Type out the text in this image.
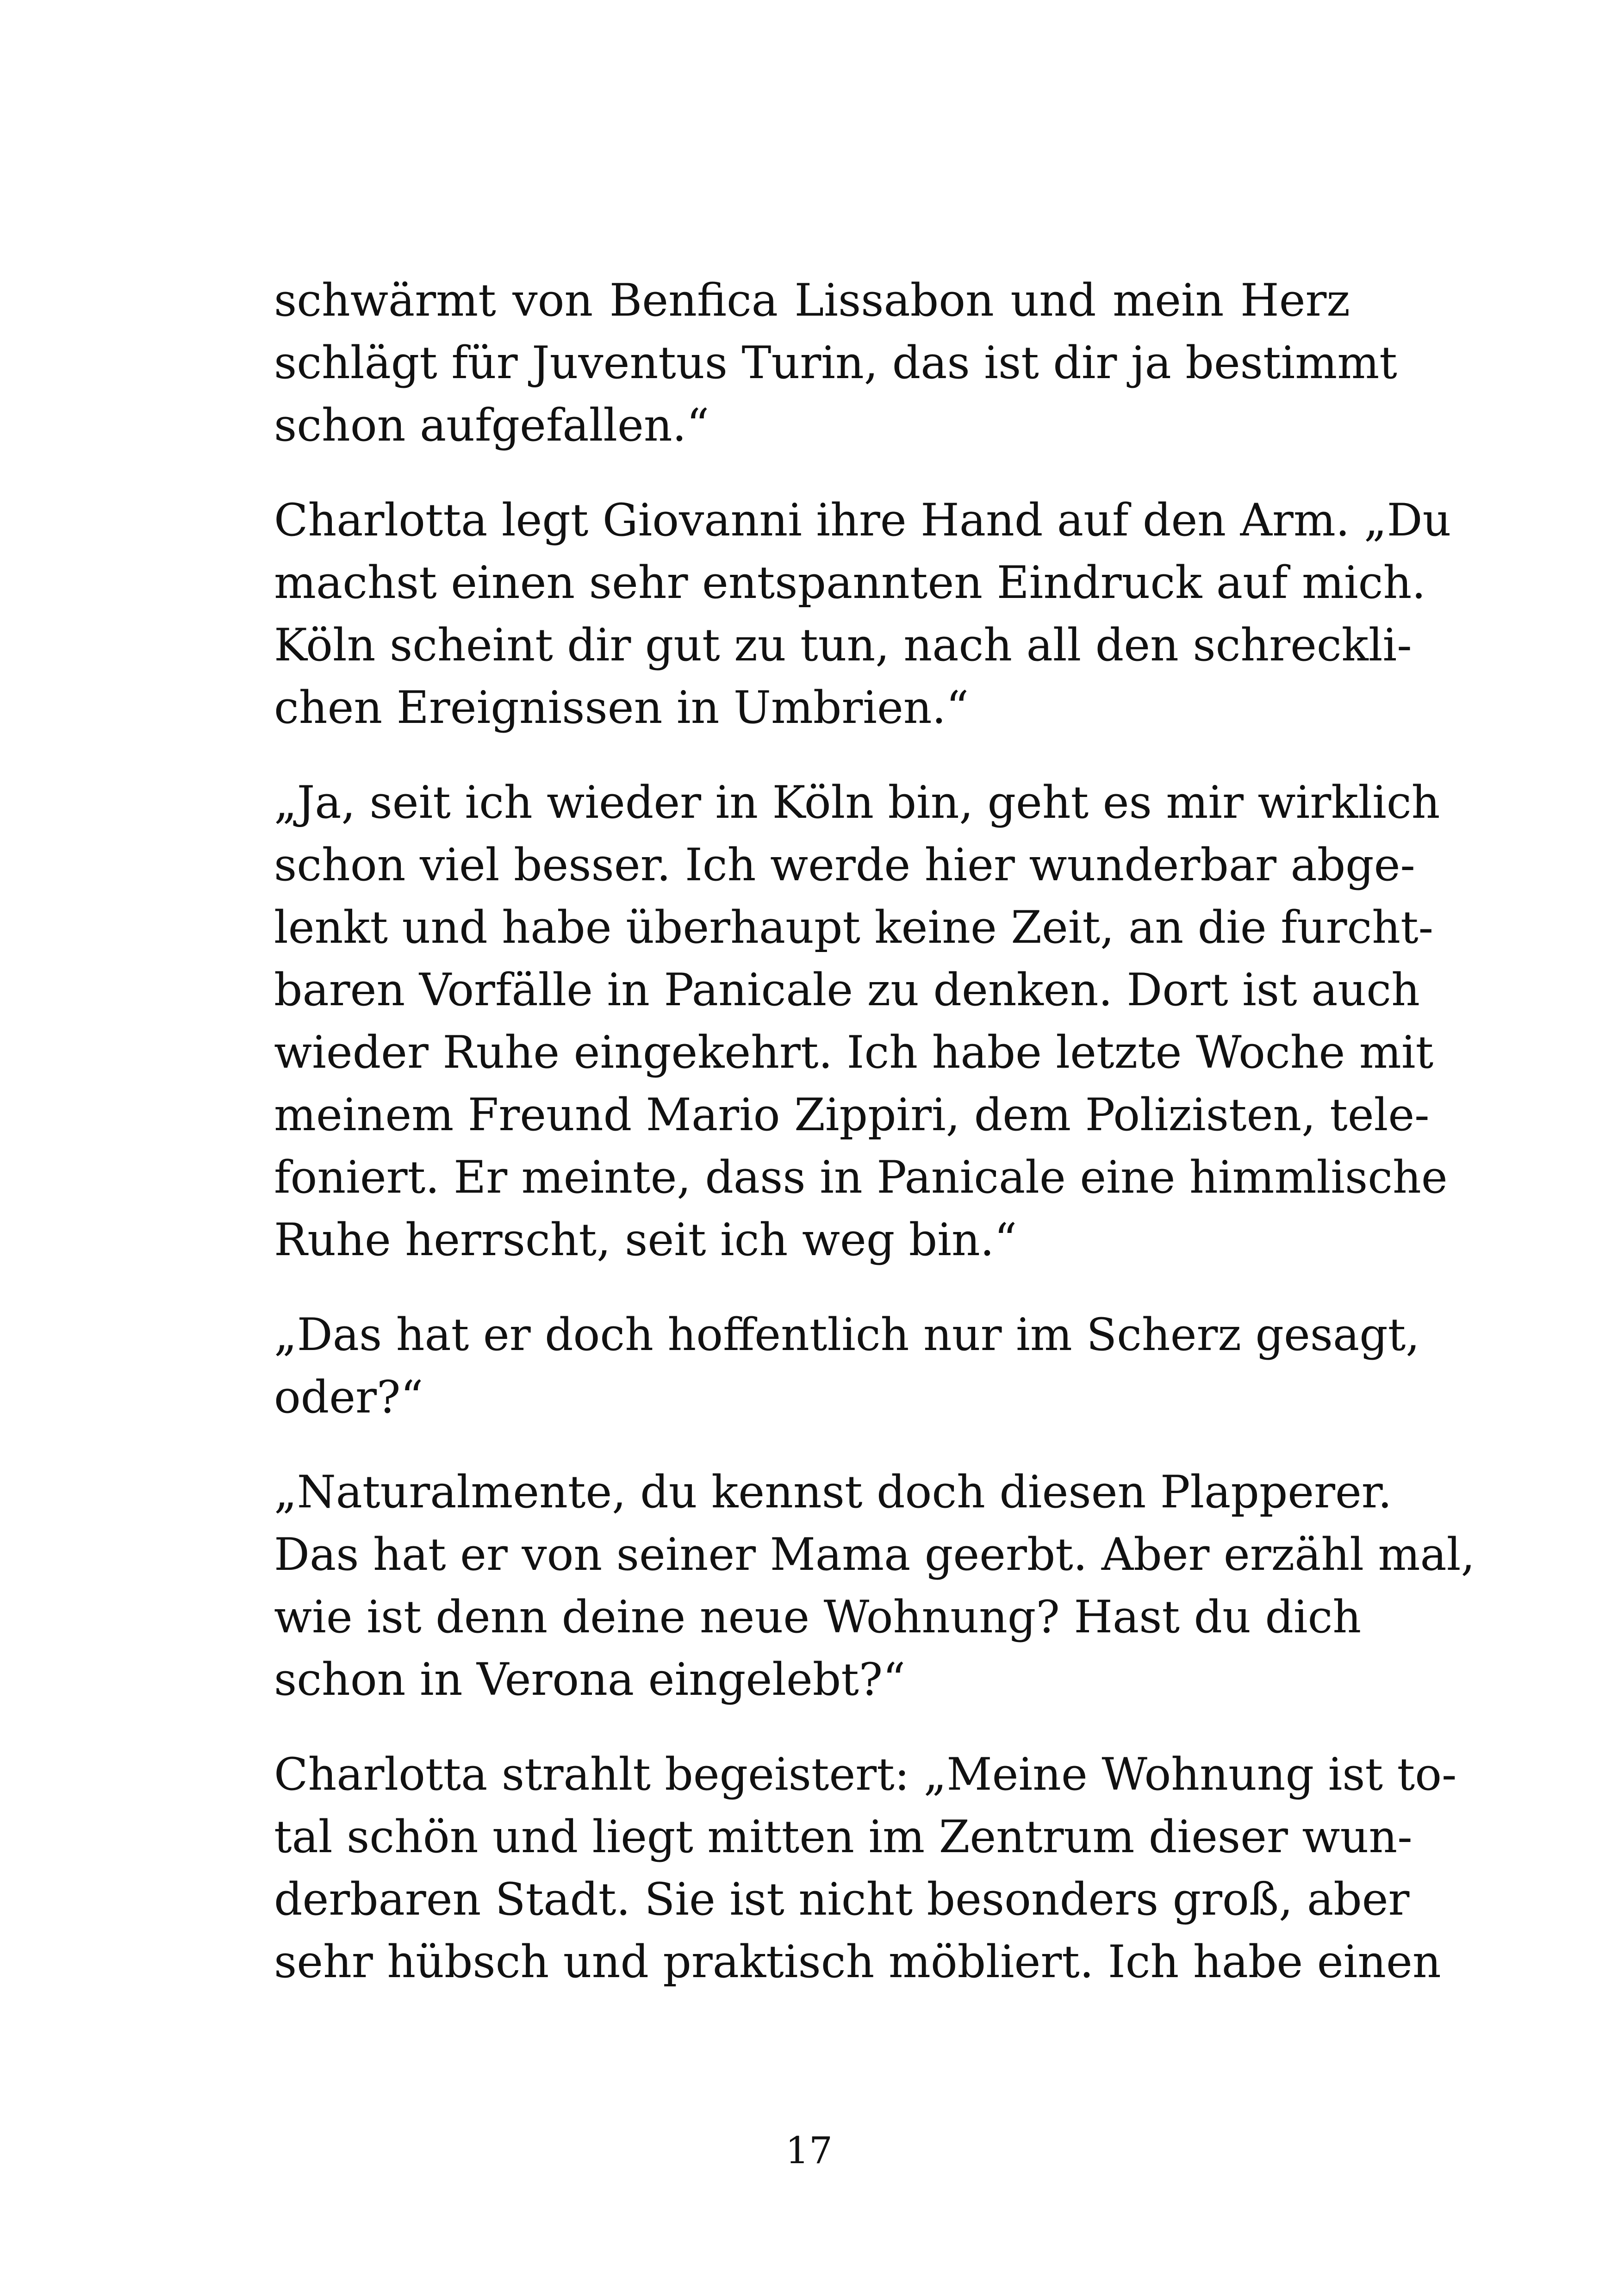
schwärmt von Benfica Lissabon und mein Herz
schlägt für Juventus Turin, das ist dir ja bestimmt
schon aufgefallen.“

Charlotta legt Giovanni ihre Hand auf den Arm. „Du
machst einen sehr entspannten Eindruck auf mich.
Köln scheint dir gut zu tun, nach all den schreckli-
chen Ereignissen in Umbrien.“

„Ja, seit ich wieder in Köln bin, geht es mir wirklich
schon viel besser. Ich werde hier wunderbar abge-
lenkt und habe überhaupt keine Zeit, an die furcht-
baren Vorfälle in Panicale zu denken. Dort ist auch
wieder Ruhe eingekehrt. Ich habe letzte Woche mit
meinem Freund Mario Zippiri, dem Polizisten, tele-
foniert. Er meinte, dass in Panicale eine himmlische
Ruhe herrscht, seit ich weg bin.“

„Das hat er doch hoffentlich nur im Scherz gesagt,
oder?“

„Naturalmente, du kennst doch diesen Plapperer.
Das hat er von seiner Mama geerbt. Aber erzähl mal,
wie ist denn deine neue Wohnung? Hast du dich
schon in Verona eingelebt?“

Charlotta strahlt begeistert: „Meine Wohnung ist to-
tal schön und liegt mitten im Zentrum dieser wun-
derbaren Stadt. Sie ist nicht besonders groß, aber
sehr hübsch und praktisch möbliert. Ich habe einen

17
